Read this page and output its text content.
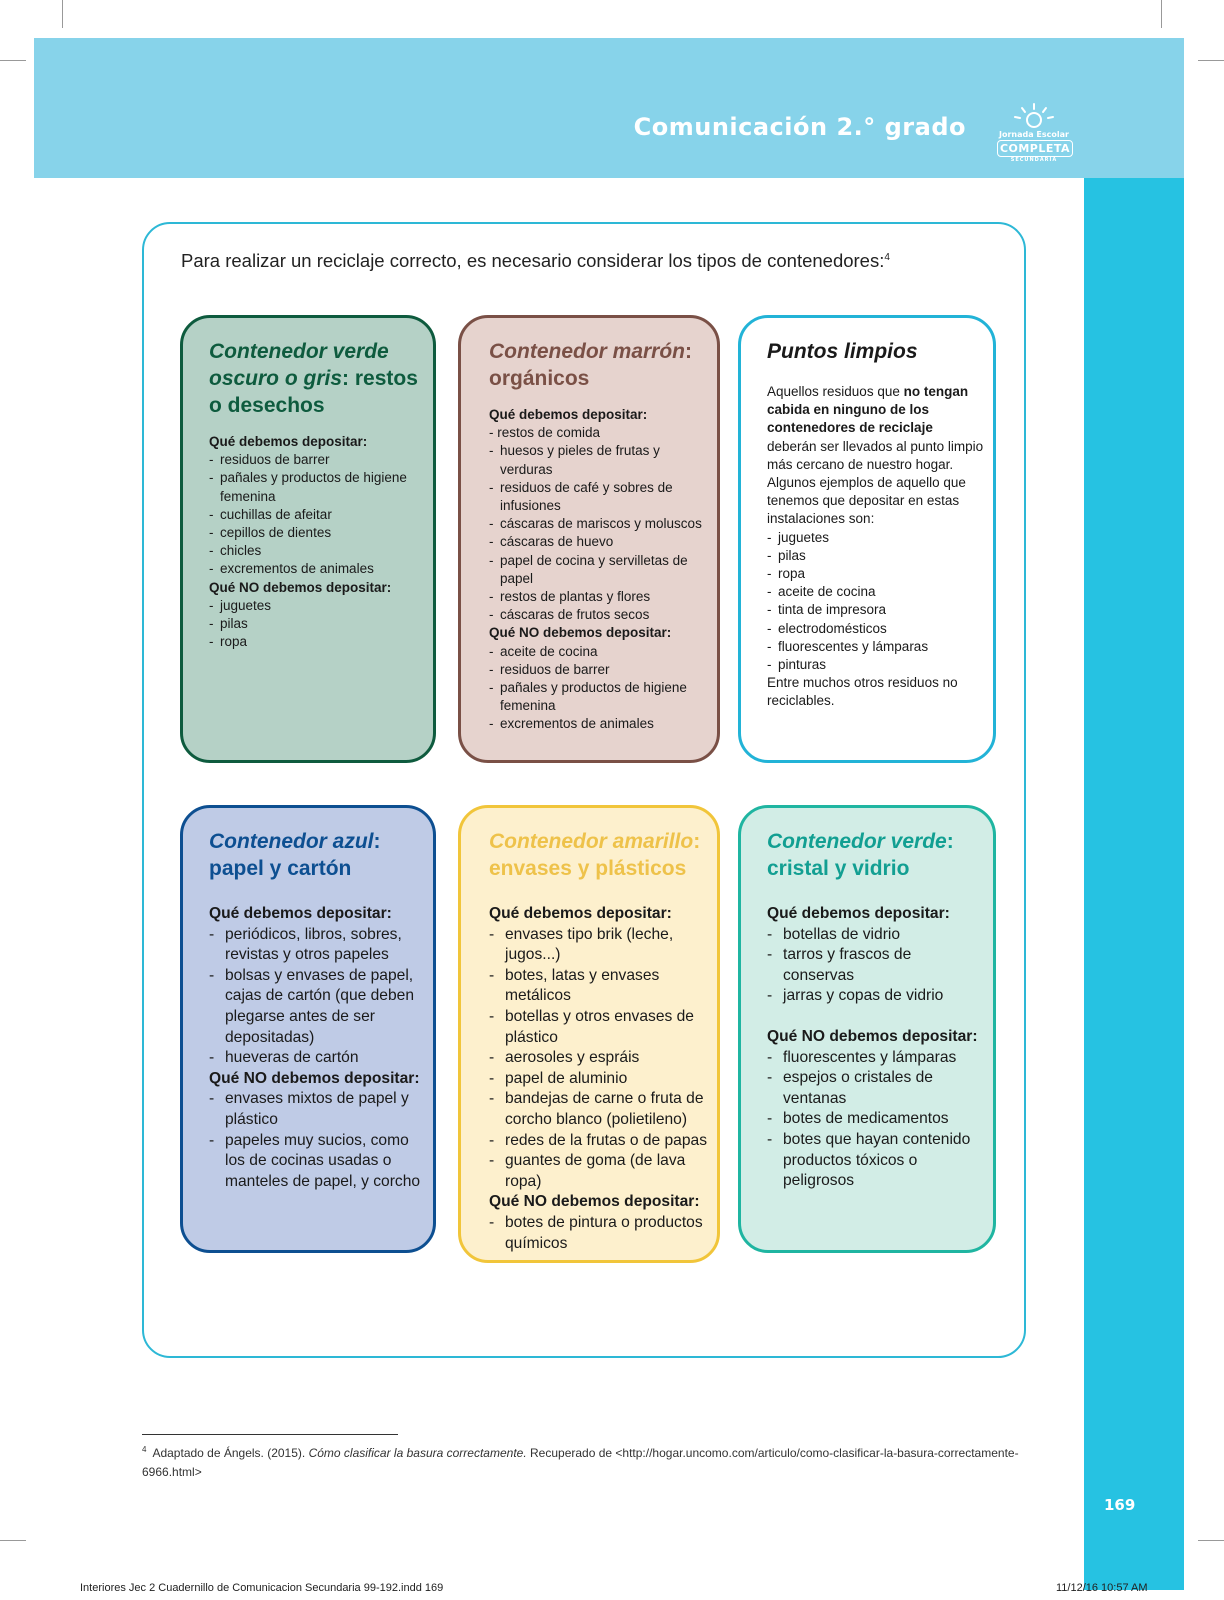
Comunicación 2.° grado	Jornada Escolar
COMPLETA
SECUNDARIA
Para realizar un reciclaje correcto, es necesario considerar los tipos de contenedores:$^4$
Contenedor verde oscuro o gris: restos o desechos
Qué debemos depositar:
- residuos de barrer
- pañales y productos de higiene femenina
- cuchillas de afeitar
- cepillos de dientes
- chicles
- excrementos de animales
Qué NO debemos depositar:
- juguetes
- pilas
- ropa
Contenedor marrón: orgánicos
Qué debemos depositar:
- restos de comida
- huesos y pieles de frutas y verduras
- residuos de café y sobres de infusiones
- cáscaras de mariscos y moluscos
- cáscaras de huevo
- papel de cocina y servilletas de papel
- restos de plantas y flores
- cáscaras de frutos secos
Qué NO debemos depositar:
- aceite de cocina
- residuos de barrer
- pañales y productos de higiene femenina
- excrementos de animales
Puntos limpios
Aquellos residuos que no tengan cabida en ninguno de los contenedores de reciclaje deberán ser llevados al punto limpio más cercano de nuestro hogar. Algunos ejemplos de aquello que tenemos que depositar en estas instalaciones son:
- juguetes
- pilas
- ropa
- aceite de cocina
- tinta de impresora
- electrodomésticos
- fluorescentes y lámparas
- pinturas
Entre muchos otros residuos no reciclables.
Contenedor azul: papel y cartón
Qué debemos depositar:
- periódicos, libros, sobres, revistas y otros papeles
- bolsas y envases de papel, cajas de cartón (que deben plegarse antes de ser depositadas)
- hueveras de cartón
Qué NO debemos depositar:
- envases mixtos de papel y plástico
- papeles muy sucios, como los de cocinas usadas o manteles de papel, y corcho
Contenedor amarillo: envases y plásticos
Qué debemos depositar:
- envases tipo brik (leche, jugos...)
- botes, latas y envases metálicos
- botellas y otros envases de plástico
- aerosoles y espráis
- papel de aluminio
- bandejas de carne o fruta de corcho blanco (polietileno)
- redes de la frutas o de papas
- guantes de goma (de lava ropa)
Qué NO debemos depositar:
- botes de pintura o productos químicos
Contenedor verde: cristal y vidrio
Qué debemos depositar:
- botellas de vidrio
- tarros y frascos de conservas
- jarras y copas de vidrio
Qué NO debemos depositar:
- fluorescentes y lámparas
- espejos o cristales de ventanas
- botes de medicamentos
- botes que hayan contenido productos tóxicos o peligrosos
$^4$ Adaptado de Ángels. (2015). Cómo clasificar la basura correctamente. Recuperado de <http://hogar.uncomo.com/articulo/como-clasificar-la-basura-correctamente-6966.html>
169
Interiores Jec 2 Cuadernillo de Comunicacion Secundaria 99-192.indd 169	11/12/16 10:57 AM
